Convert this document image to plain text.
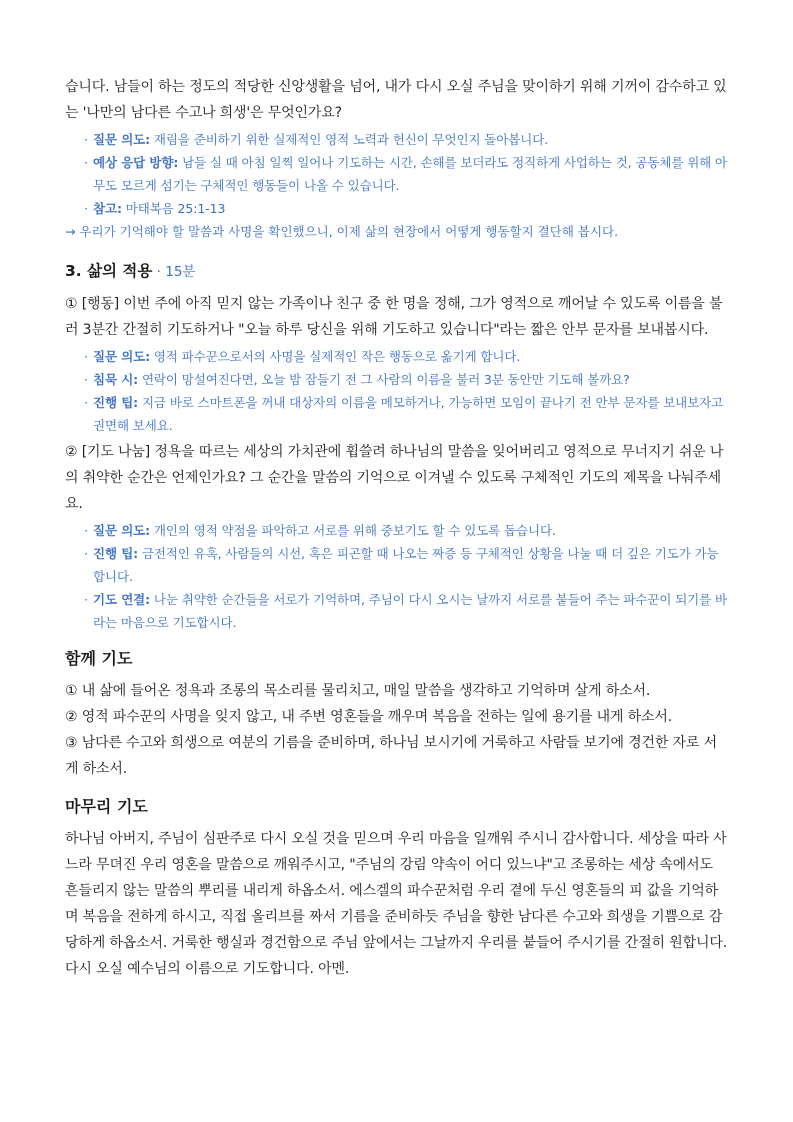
습니다. 남들이 하는 정도의 적당한 신앙생활을 넘어, 내가 다시 오실 주님을 맞이하기 위해 기꺼이 감수하고 있는 '나만의 남다른 수고나 희생'은 무엇인가요?

· 질문 의도: 재림을 준비하기 위한 실제적인 영적 노력과 헌신이 무엇인지 돌아봅니다.

· 예상 응답 방향: 남들 실 때 아침 일찍 일어나 기도하는 시간, 손해를 보더라도 정직하게 사업하는 것, 공동체를 위해 아무도 모르게 섬기는 구체적인 행동들이 나올 수 있습니다.

· 참고: 마태복음 25:1-13

→ 우리가 기억해야 할 말씀과 사명을 확인했으니, 이제 삶의 현장에서 어떻게 행동할지 결단해 봅시다.

3. 삶의 적용 · 15분

① [행동] 이번 주에 아직 믿지 않는 가족이나 친구 중 한 명을 정해, 그가 영적으로 깨어날 수 있도록 이름을 불러 3분간 간절히 기도하거나 "오늘 하루 당신을 위해 기도하고 있습니다"라는 짧은 안부 문자를 보내봅시다.

· 질문 의도: 영적 파수꾼으로서의 사명을 실제적인 작은 행동으로 옮기게 합니다.

· 침묵 시: 연락이 망설여진다면, 오늘 밤 잠들기 전 그 사람의 이름을 불러 3분 동안만 기도해 볼까요?

· 진행 팁: 지금 바로 스마트폰을 꺼내 대상자의 이름을 메모하거나, 가능하면 모임이 끝나기 전 안부 문자를 보내보자고 권면해 보세요.

② [기도 나눔] 정욕을 따르는 세상의 가치관에 휩쓸려 하나님의 말씀을 잊어버리고 영적으로 무너지기 쉬운 나의 취약한 순간은 언제인가요? 그 순간을 말씀의 기억으로 이겨낼 수 있도록 구체적인 기도의 제목을 나눠주세요.

· 질문 의도: 개인의 영적 약점을 파악하고 서로를 위해 중보기도 할 수 있도록 돕습니다.

· 진행 팁: 금전적인 유혹, 사람들의 시선, 혹은 피곤할 때 나오는 짜증 등 구체적인 상황을 나눌 때 더 깊은 기도가 가능합니다.

· 기도 연결: 나눈 취약한 순간들을 서로가 기억하며, 주님이 다시 오시는 날까지 서로를 붙들어 주는 파수꾼이 되기를 바라는 마음으로 기도합시다.

함께 기도

① 내 삶에 들어온 정욕과 조롱의 목소리를 물리치고, 매일 말씀을 생각하고 기억하며 살게 하소서.

② 영적 파수꾼의 사명을 잊지 않고, 내 주변 영혼들을 깨우며 복음을 전하는 일에 용기를 내게 하소서.

③ 남다른 수고와 희생으로 여분의 기름을 준비하며, 하나님 보시기에 거룩하고 사람들 보기에 경건한 자로 서게 하소서.

마무리 기도

하나님 아버지, 주님이 심판주로 다시 오실 것을 믿으며 우리 마음을 일깨워 주시니 감사합니다. 세상을 따라 사느라 무뎌진 우리 영혼을 말씀으로 깨워주시고, "주님의 강림 약속이 어디 있느냐"고 조롱하는 세상 속에서도 흔들리지 않는 말씀의 뿌리를 내리게 하옵소서. 에스겔의 파수꾼처럼 우리 곁에 두신 영혼들의 피 값을 기억하며 복음을 전하게 하시고, 직접 올리브를 짜서 기름을 준비하듯 주님을 향한 남다른 수고와 희생을 기쁨으로 감당하게 하옵소서. 거룩한 행실과 경건함으로 주님 앞에서는 그날까지 우리를 붙들어 주시기를 간절히 원합니다. 다시 오실 예수님의 이름으로 기도합니다. 아멘.
